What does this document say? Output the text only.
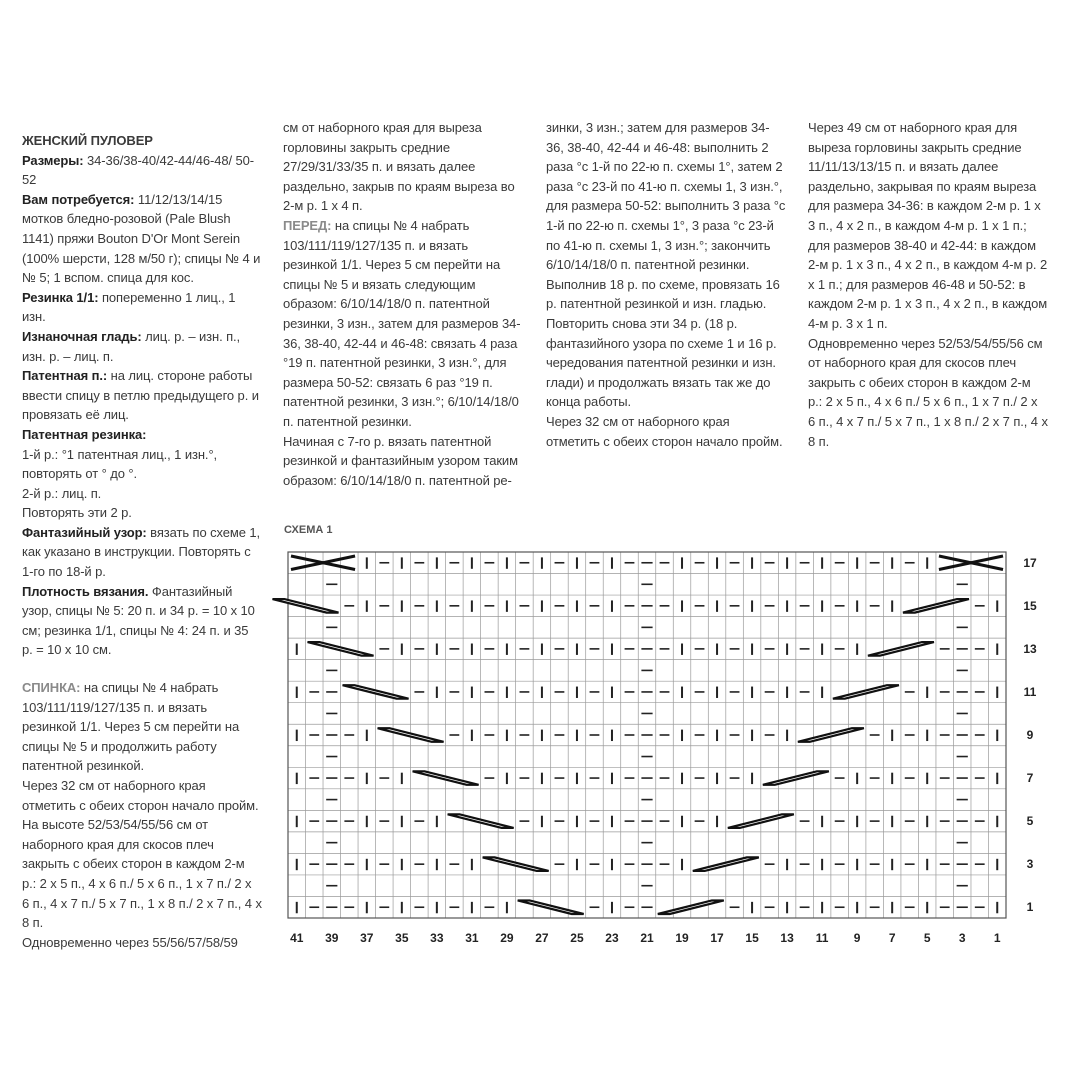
ЖЕНСКИЙ ПУЛОВЕР

Размеры: 34-36/38-40/42-44/46-48/ 50-52

Вам потребуется: 11/12/13/14/15 мотков бледно-розовой (Pale Blush 1141) пряжи Bouton D'Or Mont Serein (100% шерсти, 128 м/50 г); спицы № 4 и № 5; 1 вспом. спица для кос.

Резинка 1/1: попеременно 1 лиц., 1 изн.

Изнаночная гладь: лиц. р. – изн. п., изн. р. – лиц. п.

Патентная п.: на лиц. стороне работы ввести спицу в петлю предыдущего р. и провязать её лиц.

Патентная резинка:

1-й р.: °1 патентная лиц., 1 изн.°, повторять от ° до °.

2-й р.: лиц. п.

Повторять эти 2 р.

Фантазийный узор: вязать по схеме 1, как указано в инструкции. Повторять с 1-го по 18-й р.

Плотность вязания. Фантазийный узор, спицы № 5: 20 п. и 34 р. = 10 х 10 см; резинка 1/1, спицы № 4: 24 п. и 35 р. = 10 х 10 см.

СПИНКА: на спицы № 4 набрать 103/111/119/127/135 п. и вязать резинкой 1/1. Через 5 см перейти на спицы № 5 и продолжить работу патентной резинкой.

Через 32 см от наборного края отметить с обеих сторон начало пройм.

На высоте 52/53/54/55/56 см от наборного края для скосов плеч закрыть с обеих сторон в каждом 2-м р.: 2 х 5 п., 4 х 6 п./ 5 х 6 п., 1 х 7 п./ 2 х 6 п., 4 х 7 п./ 5 х 7 п., 1 х 8 п./ 2 х 7 п., 4 х 8 п.

Одновременно через 55/56/57/58/59

см от наборного края для выреза горловины закрыть средние 27/29/31/33/35 п. и вязать далее раздельно, закрыв по краям выреза во 2-м р. 1 х 4 п.

ПЕРЕД: на спицы № 4 набрать 103/111/119/127/135 п. и вязать резинкой 1/1. Через 5 см перейти на спицы № 5 и вязать следующим образом: 6/10/14/18/0 п. патентной резинки, 3 изн., затем для размеров 34-36, 38-40, 42-44 и 46-48: связать 4 раза °19 п. патентной резинки, 3 изн.°, для размера 50-52: связать 6 раз °19 п. патентной резинки, 3 изн.°; 6/10/14/18/0 п. патентной резинки.

Начиная с 7-го р. вязать патентной резинкой и фантазийным узором таким образом: 6/10/14/18/0 п. патентной ре-

зинки, 3 изн.; затем для размеров 34-36, 38-40, 42-44 и 46-48: выполнить 2 раза °с 1-й по 22-ю п. схемы 1°, затем 2 раза °с 23-й по 41-ю п. схемы 1, 3 изн.°, для размера 50-52: выполнить 3 раза °с 1-й по 22-ю п. схемы 1°, 3 раза °с 23-й по 41-ю п. схемы 1, 3 изн.°; закончить 6/10/14/18/0 п. патентной резинки.

Выполнив 18 р. по схеме, провязать 16 р. патентной резинкой и изн. гладью. Повторить снова эти 34 р. (18 р. фантазийного узора по схеме 1 и 16 р. чередования патентной резинки и изн. глади) и продолжать вязать так же до конца работы.

Через 32 см от наборного края отметить с обеих сторон начало пройм.

Через 49 см от наборного края для выреза горловины закрыть средние 11/11/13/13/15 п. и вязать далее раздельно, закрывая по краям выреза для размера 34-36: в каждом 2-м р. 1 х 3 п., 4 х 2 п., в каждом 4-м р. 1 х 1 п.; для размеров 38-40 и 42-44: в каждом 2-м р. 1 х 3 п., 4 х 2 п., в каждом 4-м р. 2 х 1 п.; для размеров 46-48 и 50-52: в каждом 2-м р. 1 х 3 п., 4 х 2 п., в каждом 4-м р. 3 х 1 п.

Одновременно через 52/53/54/55/56 см от наборного края для скосов плеч закрыть с обеих сторон в каждом 2-м р.: 2 х 5 п., 4 х 6 п./ 5 х 6 п., 1 х 7 п./ 2 х 6 п., 4 х 7 п./ 5 х 7 п., 1 х 8 п./ 2 х 7 п., 4 х 8 п.

СХЕМА 1
17
15
13
11
9
7
5
3
1
41 39 37 35 33 31 29 27 25 23 21 19 17 15 13 11 9 7 5 3 1
